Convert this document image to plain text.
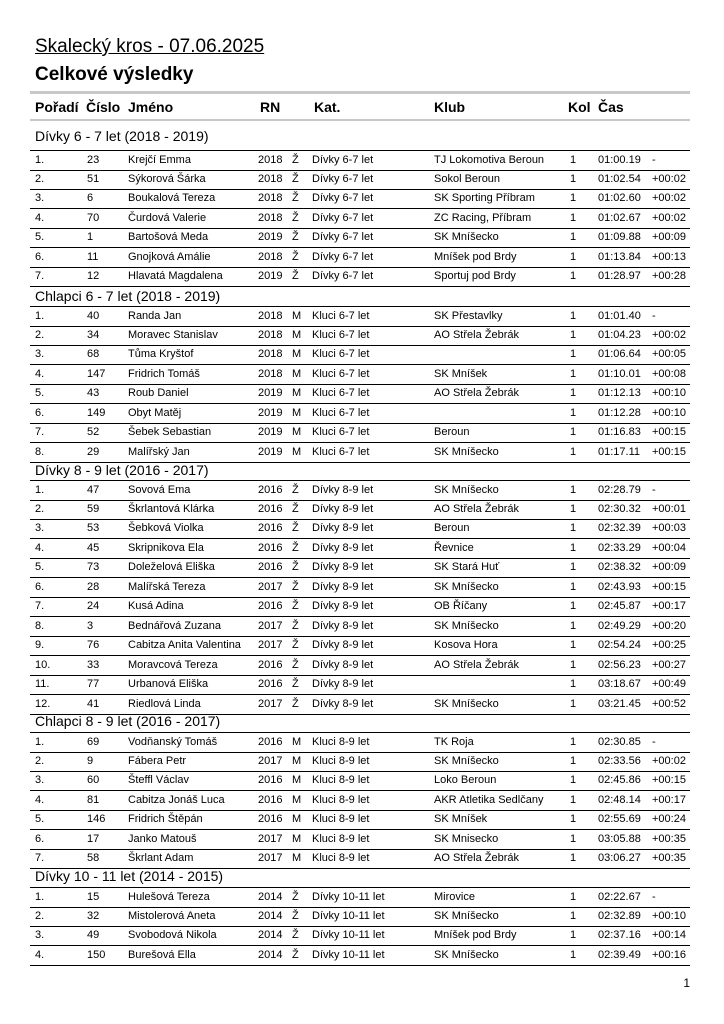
Skalecký kros - 07.06.2025
Celkové výsledky
Pořadí Číslo Jméno	RN Kat.	Klub	Kol Čas
Dívky 6 - 7 let (2018 - 2019)
1.	23	Krejčí Emma	2018 Ž Dívky 6-7 let	TJ Lokomotiva Beroun 1 01:00.19 -
2.	51	Sýkorová Šárka	2018 Ž Dívky 6-7 let	Sokol Beroun	1 01:02.54 +00:02
3.	6	Boukalová Tereza	2018 Ž Dívky 6-7 let	SK Sporting Příbram	1 01:02.60 +00:02
4.	70	Čurdová Valerie	2018 Ž Dívky 6-7 let	ZC Racing, Příbram	1 01:02.67 +00:02
5.	1	Bartošová Meda	2019 Ž Dívky 6-7 let	SK Mníšecko	1 01:09.88 +00:09
6.	11	Gnojková Amálie	2018 Ž Dívky 6-7 let	Mníšek pod Brdy	1 01:13.84 +00:13
7.	12	Hlavatá Magdalena	2019 Ž Dívky 6-7 let	Sportuj pod Brdy	1 01:28.97 +00:28
Chlapci 6 - 7 let (2018 - 2019)
1.	40	Randa Jan	2018 M Kluci 6-7 let	SK Přestavlky	1 01:01.40 -
2.	34	Moravec Stanislav	2018 M Kluci 6-7 let	AO Střela Žebrák	1 01:04.23 +00:02
3.	68	Tůma Kryštof	2018 M Kluci 6-7 let	1 01:06.64 +00:05
4.	147 Fridrich Tomáš	2018 M Kluci 6-7 let	SK Mníšek	1 01:10.01 +00:08
5.	43	Roub Daniel	2019 M Kluci 6-7 let	AO Střela Žebrák	1 01:12.13 +00:10
6.	149 Obyt Matěj	2019 M Kluci 6-7 let	1 01:12.28 +00:10
7.	52	Šebek Sebastian	2019 M Kluci 6-7 let	Beroun	1 01:16.83 +00:15
8.	29	Malířský Jan	2019 M Kluci 6-7 let	SK Mníšecko	1 01:17.11 +00:15
Dívky 8 - 9 let (2016 - 2017)
1.	47	Sovová Ema	2016 Ž Dívky 8-9 let	SK Mníšecko	1 02:28.79 -
2.	59	Škrlantová Klárka	2016 Ž Dívky 8-9 let	AO Střela Žebrák	1 02:30.32 +00:01
3.	53	Šebková Violka	2016 Ž Dívky 8-9 let	Beroun	1 02:32.39 +00:03
4.	45	Skripnikova Ela	2016 Ž Dívky 8-9 let	Řevnice	1 02:33.29 +00:04
5.	73	Doleželová Eliška	2016 Ž Dívky 8-9 let	SK Stará Huť	1 02:38.32 +00:09
6.	28	Malířská Tereza	2017 Ž Dívky 8-9 let	SK Mníšecko	1 02:43.93 +00:15
7.	24	Kusá Adina	2016 Ž Dívky 8-9 let	OB Říčany	1 02:45.87 +00:17
8.	3	Bednářová Zuzana	2017 Ž Dívky 8-9 let	SK Mníšecko	1 02:49.29 +00:20
9.	76	Cabitza Anita Valentina 2017 Ž Dívky 8-9 let	Kosova Hora	1 02:54.24 +00:25
10.	33	Moravcová Tereza	2016 Ž Dívky 8-9 let	AO Střela Žebrák	1 02:56.23 +00:27
11.	77	Urbanová Eliška	2016 Ž Dívky 8-9 let	1 03:18.67 +00:49
12.	41	Riedlová Linda	2017 Ž Dívky 8-9 let	SK Mníšecko	1 03:21.45 +00:52
Chlapci 8 - 9 let (2016 - 2017)
1.	69	Vodňanský Tomáš	2016 M Kluci 8-9 let	TK Roja	1 02:30.85 -
2.	9	Fábera Petr	2017 M Kluci 8-9 let	SK Mníšecko	1 02:33.56 +00:02
3.	60	Šteffl Václav	2016 M Kluci 8-9 let	Loko Beroun	1 02:45.86 +00:15
4.	81	Cabitza Jonáš Luca	2016 M Kluci 8-9 let	AKR Atletika Sedlčany 1 02:48.14 +00:17
5.	146 Fridrich Štěpán	2016 M Kluci 8-9 let	SK Mníšek	1 02:55.69 +00:24
6.	17	Janko Matouš	2017 M Kluci 8-9 let	SK Mnisecko	1 03:05.88 +00:35
7.	58	Škrlant Adam	2017 M Kluci 8-9 let	AO Střela Žebrák	1 03:06.27 +00:35
Dívky 10 - 11 let (2014 - 2015)
1.	15	Hulešová Tereza	2014 Ž Dívky 10-11 let	Mirovice	1 02:22.67 -
2.	32	Mistolerová Aneta	2014 Ž Dívky 10-11 let	SK Mníšecko	1 02:32.89 +00:10
3.	49	Svobodová Nikola	2014 Ž Dívky 10-11 let	Mníšek pod Brdy	1 02:37.16 +00:14
4.	150 Burešová Ella	2014 Ž Dívky 10-11 let	SK Mníšecko	1 02:39.49 +00:16
1
